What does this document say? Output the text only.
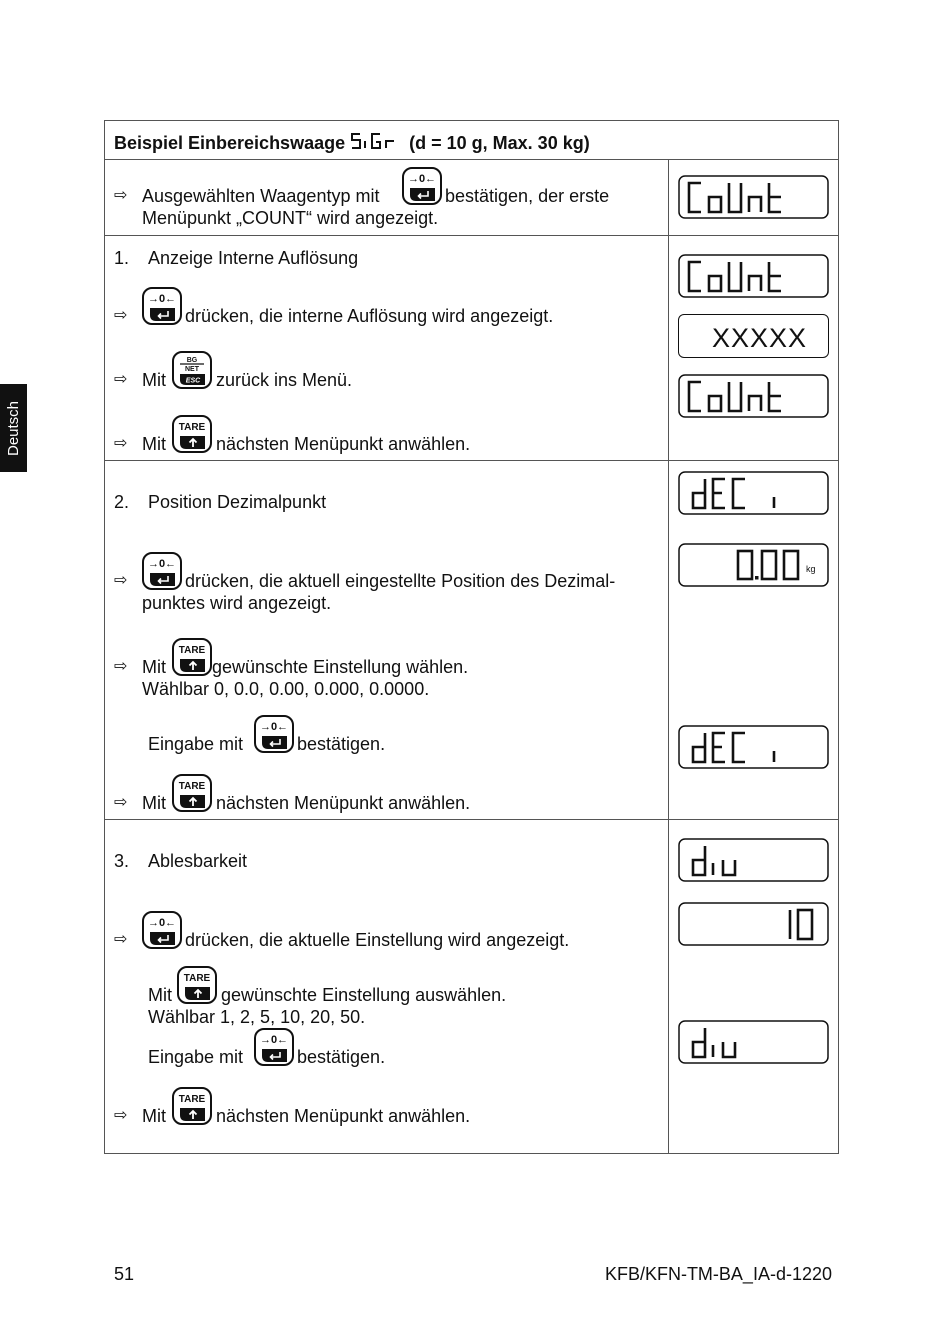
Deutsch
Beispiel Einbereichswaage	(d = 10 g, Max. 30 kg)
⇨ Ausgewählten Waagentyp mit
→0←
bestätigen, der erste
Menüpunkt „COUNT“ wird angezeigt.
CoUnt
1. Anzeige Interne Auflösung
⇨
→0←
drücken, die interne Auflösung wird angezeigt.
⇨ Mit
BG
NET
ESC zurück ins Menü.
⇨ Mit
TARE
nächsten Menüpunkt anwählen.
XXXXX
2. Position Dezimalpunkt
⇨
→0←
drücken, die aktuell eingestellte Position des Dezimal-
punktes wird angezeigt.
⇨ Mit
TARE
gewünschte Einstellung wählen.
Wählbar 0, 0.0, 0.00, 0.000, 0.0000.
Eingabe mit
→0←
bestätigen.
⇨ Mit
TARE
nächsten Menüpunkt anwählen.
kg
3. Ablesbarkeit
⇨
→0←
drücken, die aktuelle Einstellung wird angezeigt.
Mit
TARE
gewünschte Einstellung auswählen.
Wählbar 1, 2, 5, 10, 20, 50.
Eingabe mit
→0←
bestätigen.
⇨ Mit
TARE
nächsten Menüpunkt anwählen.
51	KFB/KFN-TM-BA_IA-d-1220
